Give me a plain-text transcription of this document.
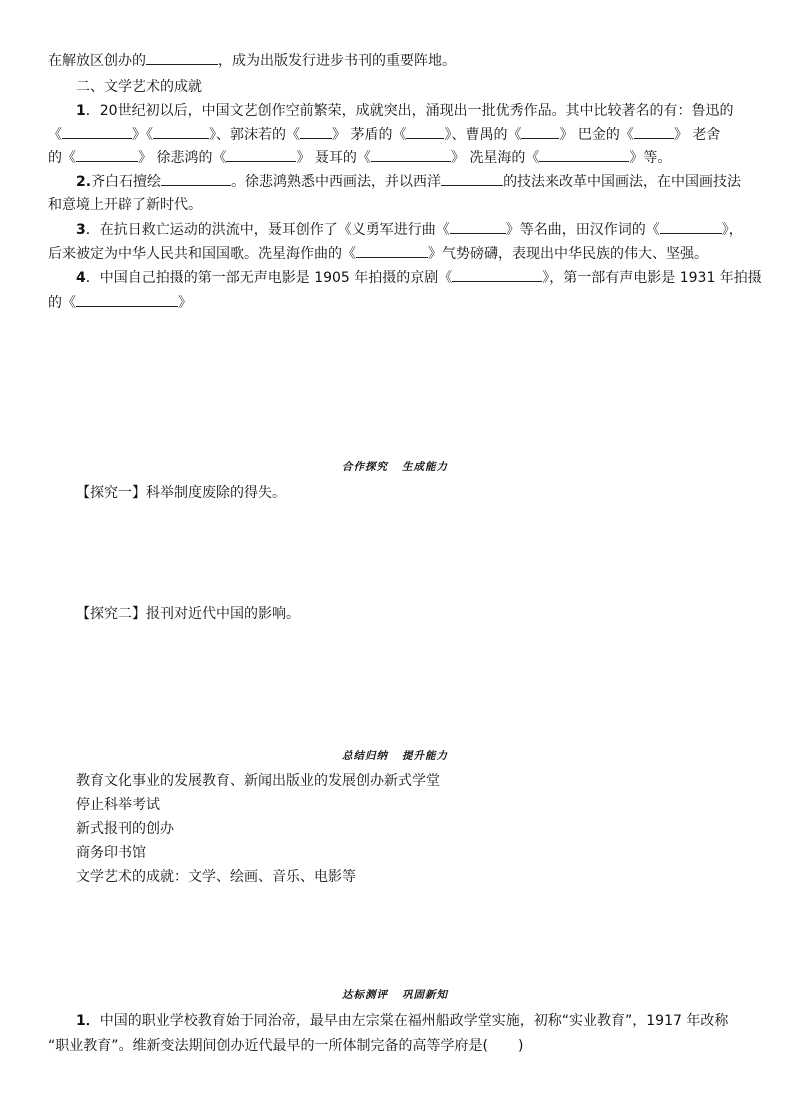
在解放区创办的	，成为出版发行进步书刊的重要阵地。
二、文学艺术的成就
1．20世纪初以后，中国文艺创作空前繁荣，成就突出，涌现出一批优秀作品。其中比较著名的有：鲁迅的
《	》《	》、郭沫若的《 》 茅盾的《	》、曹禺的《	》 巴金的《	》 老舍
的《	》 徐悲鸿的《	》 聂耳的《	》 冼星海的《	》等。
2.齐白石擅绘	。徐悲鸿熟悉中西画法，并以西洋	的技法来改革中国画法，在中国画技法
和意境上开辟了新时代。
3．在抗日救亡运动的洪流中，聂耳创作了《义勇军进行曲《	》等名曲，田汉作词的《	》，
后来被定为中华人民共和国国歌。冼星海作曲的《	》气势磅礴，表现出中华民族的伟大、坚强。
4．中国自己拍摄的第一部无声电影是 1905 年拍摄的京剧《	》，第一部有声电影是 1931 年拍摄
的《	》
合作探究 生成能力
【探究一】科举制度废除的得失。
【探究二】报刊对近代中国的影响。
总结归纳 提升能力
教育文化事业的发展教育、新闻出版业的发展创办新式学堂
停止科举考试
新式报刊的创办
商务印书馆
文学艺术的成就：文学、绘画、音乐、电影等
达标测评 巩固新知
1．中国的职业学校教育始于同治帝，最早由左宗棠在福州船政学堂实施，初称“实业教育”，1917 年改称
“职业教育”。维新变法期间创办近代最早的一所体制完备的高等学府是( )
